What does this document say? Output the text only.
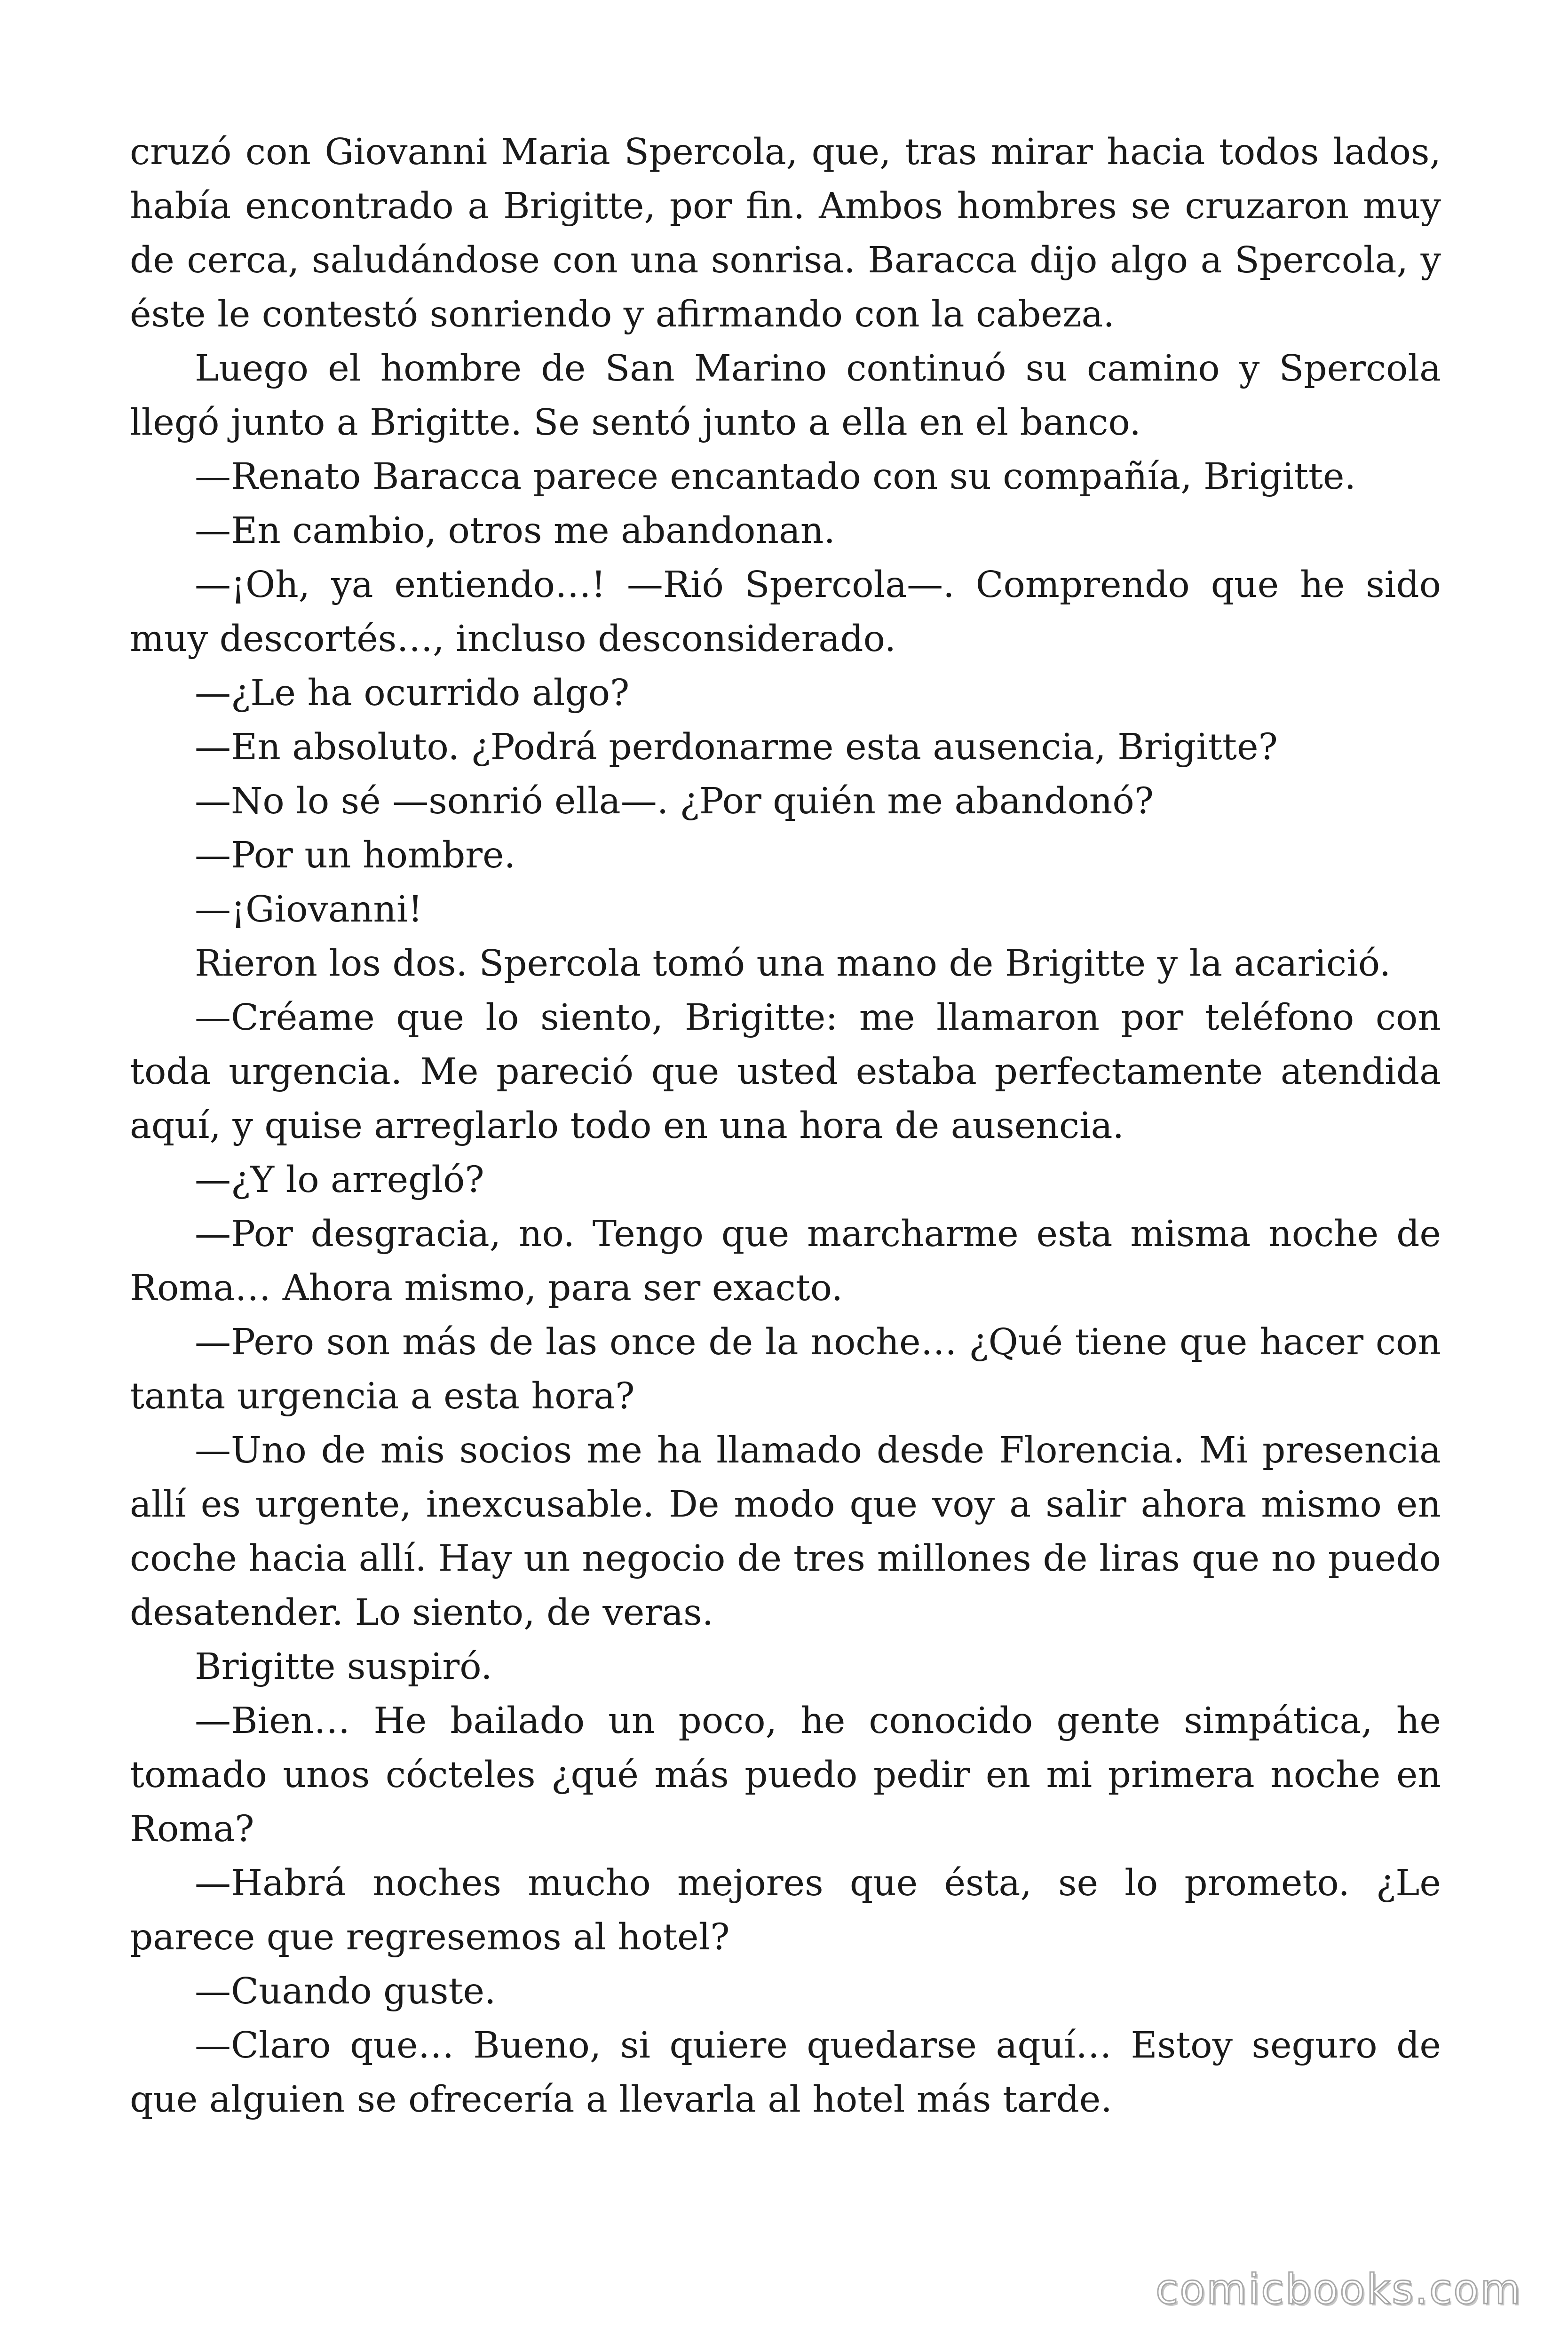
cruzó con Giovanni Maria Spercola, que, tras mirar hacia todos lados, había encontrado a Brigitte, por fin. Ambos hombres se cruzaron muy de cerca, saludándose con una sonrisa. Baracca dijo algo a Spercola, y éste le contestó sonriendo y afirmando con la cabeza.

Luego el hombre de San Marino continuó su camino y Spercola llegó junto a Brigitte. Se sentó junto a ella en el banco.

—Renato Baracca parece encantado con su compañía, Brigitte.

—En cambio, otros me abandonan.

—¡Oh, ya entiendo…! —Rió Spercola—. Comprendo que he sido muy descortés…, incluso desconsiderado.

—¿Le ha ocurrido algo?

—En absoluto. ¿Podrá perdonarme esta ausencia, Brigitte?

—No lo sé —sonrió ella—. ¿Por quién me abandonó?

—Por un hombre.

—¡Giovanni!

Rieron los dos. Spercola tomó una mano de Brigitte y la acarició.

—Créame que lo siento, Brigitte: me llamaron por teléfono con toda urgencia. Me pareció que usted estaba perfectamente atendida aquí, y quise arreglarlo todo en una hora de ausencia.

—¿Y lo arregló?

—Por desgracia, no. Tengo que marcharme esta misma noche de Roma… Ahora mismo, para ser exacto.

—Pero son más de las once de la noche… ¿Qué tiene que hacer con tanta urgencia a esta hora?

—Uno de mis socios me ha llamado desde Florencia. Mi presencia allí es urgente, inexcusable. De modo que voy a salir ahora mismo en coche hacia allí. Hay un negocio de tres millones de liras que no puedo desatender. Lo siento, de veras.

Brigitte suspiró.

—Bien… He bailado un poco, he conocido gente simpática, he tomado unos cócteles ¿qué más puedo pedir en mi primera noche en Roma?

—Habrá noches mucho mejores que ésta, se lo prometo. ¿Le parece que regresemos al hotel?

—Cuando guste.

—Claro que… Bueno, si quiere quedarse aquí… Estoy seguro de que alguien se ofrecería a llevarla al hotel más tarde.

comicbooks.com
